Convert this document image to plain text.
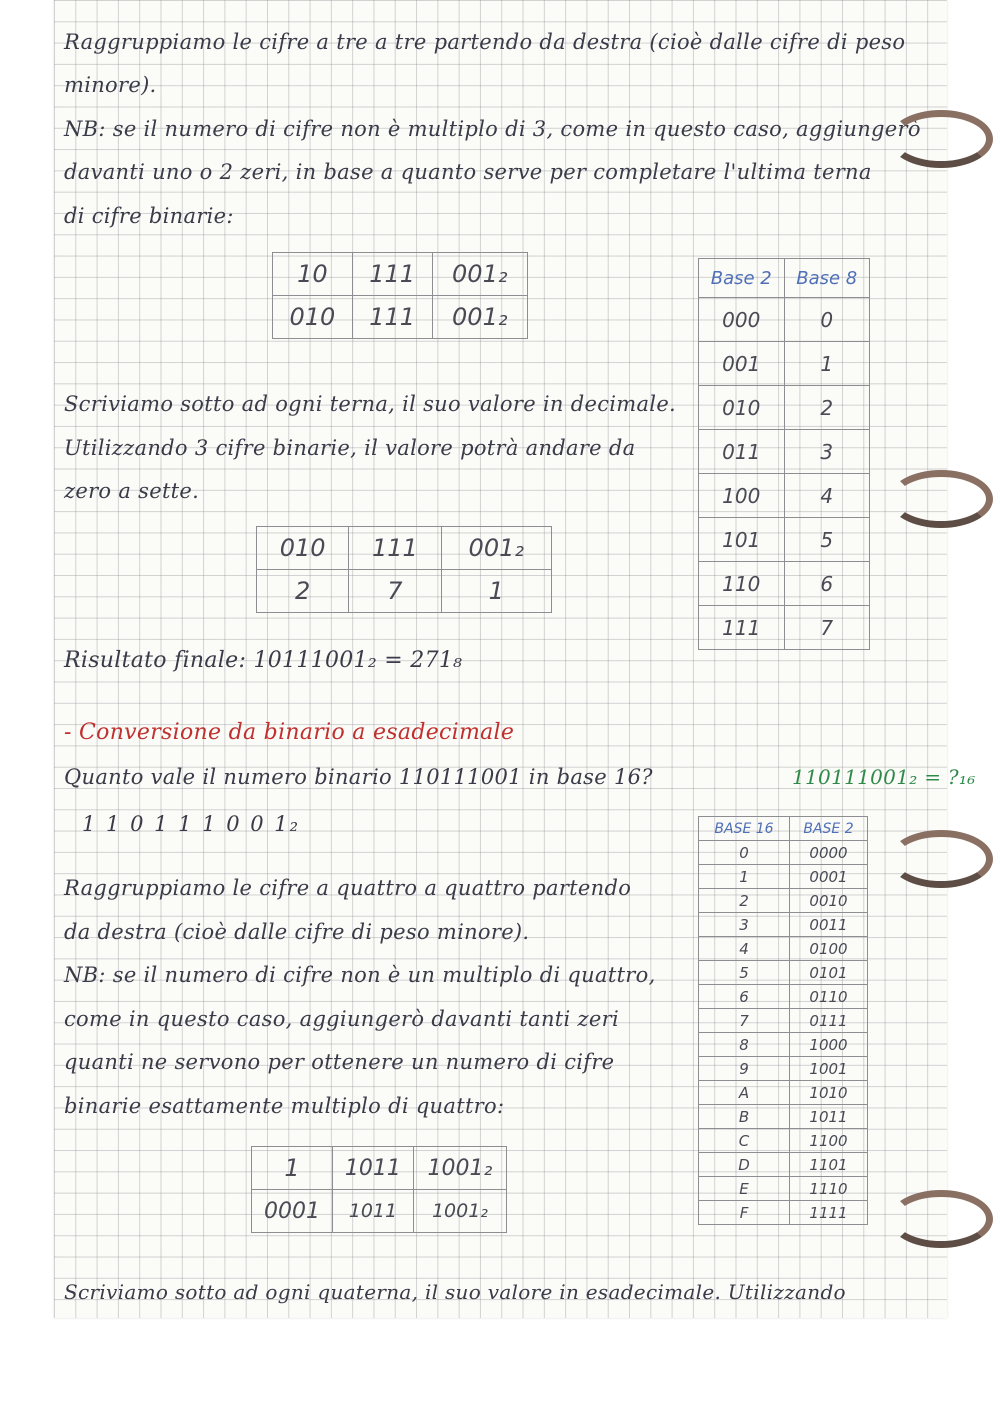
Raggruppiamo le cifre a tre a tre partendo da destra (cioè dalle cifre di peso

minore).

NB: se il numero di cifre non è multiplo di 3, come in questo caso, aggiungerò

davanti uno o 2 zeri, in base a quanto serve per completare l'ultima terna

di cifre binarie:

10	111	001₂
010	111	001₂
Base 2	Base 8
000	0
001	1
010	2
011	3
100	4
101	5
110	6
111	7

Scriviamo sotto ad ogni terna, il suo valore in decimale.

Utilizzando 3 cifre binarie, il valore potrà andare da

zero a sette.

010	111	001₂
2	7	1

Risultato finale: 10111001₂ = 271₈

- Conversione da binario a esadecimale

Quanto vale il numero binario 110111001 in base 16?	110111001₂ = ?₁₆

1 1 0 1 1 1 0 0 1₂

Raggruppiamo le cifre a quattro a quattro partendo

da destra (cioè dalle cifre di peso minore).

NB: se il numero di cifre non è un multiplo di quattro,

come in questo caso, aggiungerò davanti tanti zeri

quanti ne servono per ottenere un numero di cifre

binarie esattamente multiplo di quattro:

1	1011	1001₂
0001	1011	1001₂
BASE 16	BASE 2
0	0000
1	0001
2	0010
3	0011
4	0100
5	0101
6	0110
7	0111
8	1000
9	1001
A	1010
B	1011
C	1100
D	1101
E	1110
F	1111

Scriviamo sotto ad ogni quaterna, il suo valore in esadecimale. Utilizzando
